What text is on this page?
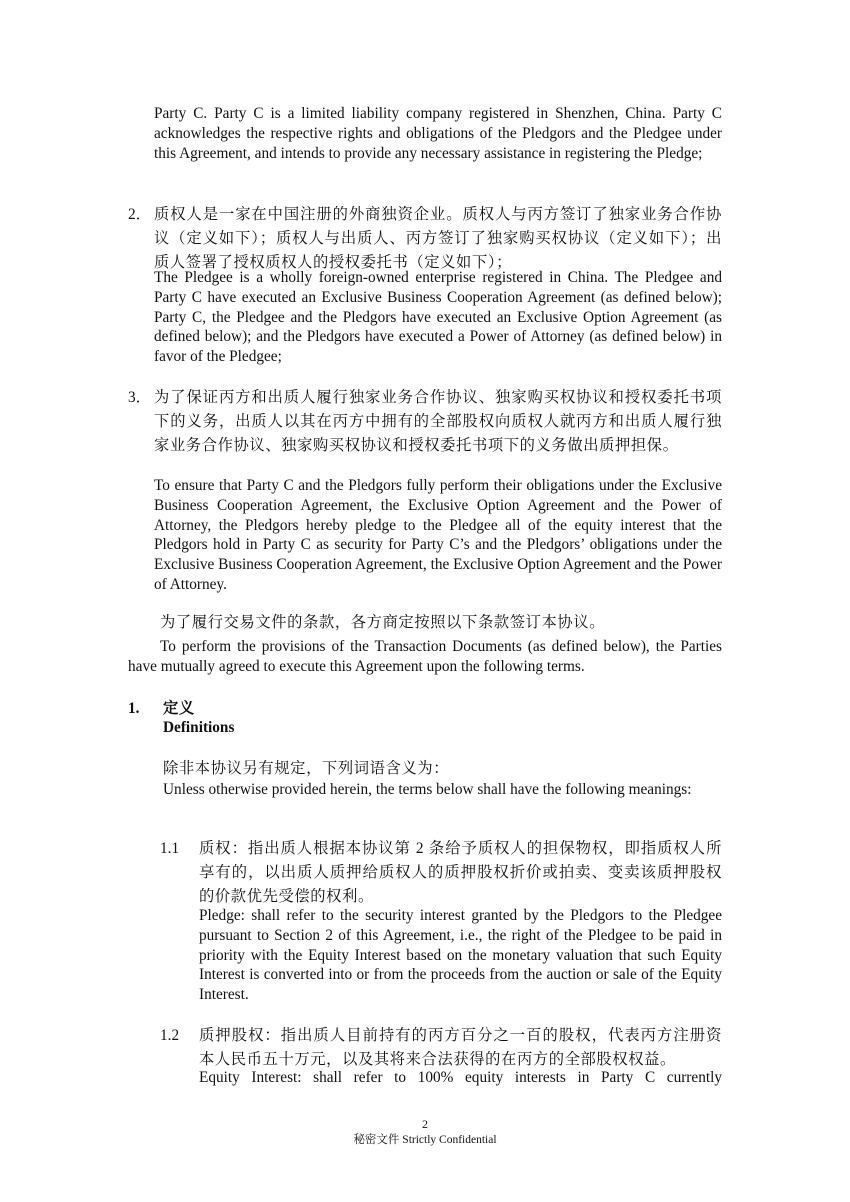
Party C. Party C is a limited liability company registered in Shenzhen, China. Party C acknowledges the respective rights and obligations of the Pledgors and the Pledgee under this Agreement, and intends to provide any necessary assistance in registering the Pledge;

2． 质权人是一家在中国注册的外商独资企业。质权人与丙方签订了独家业务合作协议（定义如下）；质权人与出质人、丙方签订了独家购买权协议（定义如下）；出质人签署了授权质权人的授权委托书（定义如下）；

The Pledgee is a wholly foreign-owned enterprise registered in China. The Pledgee and Party C have executed an Exclusive Business Cooperation Agreement (as defined below); Party C, the Pledgee and the Pledgors have executed an Exclusive Option Agreement (as defined below); and the Pledgors have executed a Power of Attorney (as defined below) in favor of the Pledgee;

3． 为了保证丙方和出质人履行独家业务合作协议、独家购买权协议和授权委托书项下的义务，出质人以其在丙方中拥有的全部股权向质权人就丙方和出质人履行独家业务合作协议、独家购买权协议和授权委托书项下的义务做出质押担保。

To ensure that Party C and the Pledgors fully perform their obligations under the Exclusive Business Cooperation Agreement, the Exclusive Option Agreement and the Power of Attorney, the Pledgors hereby pledge to the Pledgee all of the equity interest that the Pledgors hold in Party C as security for Party C’s and the Pledgors’ obligations under the Exclusive Business Cooperation Agreement, the Exclusive Option Agreement and the Power of Attorney.

为了履行交易文件的条款，各方商定按照以下条款签订本协议。

To perform the provisions of the Transaction Documents (as defined below), the Parties have mutually agreed to execute this Agreement upon the following terms.

1. 定义

Definitions

除非本协议另有规定，下列词语含义为：

Unless otherwise provided herein, the terms below shall have the following meanings:

1.1 质权：指出质人根据本协议第 2 条给予质权人的担保物权，即指质权人所享有的，以出质人质押给质权人的质押股权折价或拍卖、变卖该质押股权的价款优先受偿的权利。

Pledge: shall refer to the security interest granted by the Pledgors to the Pledgee pursuant to Section 2 of this Agreement, i.e., the right of the Pledgee to be paid in priority with the Equity Interest based on the monetary valuation that such Equity Interest is converted into or from the proceeds from the auction or sale of the Equity Interest.

1.2 质押股权：指出质人目前持有的丙方百分之一百的股权，代表丙方注册资本人民币五十万元，以及其将来合法获得的在丙方的全部股权权益。

Equity Interest: shall refer to 100% equity interests in Party C currently

2
秘密文件 Strictly Confidential
